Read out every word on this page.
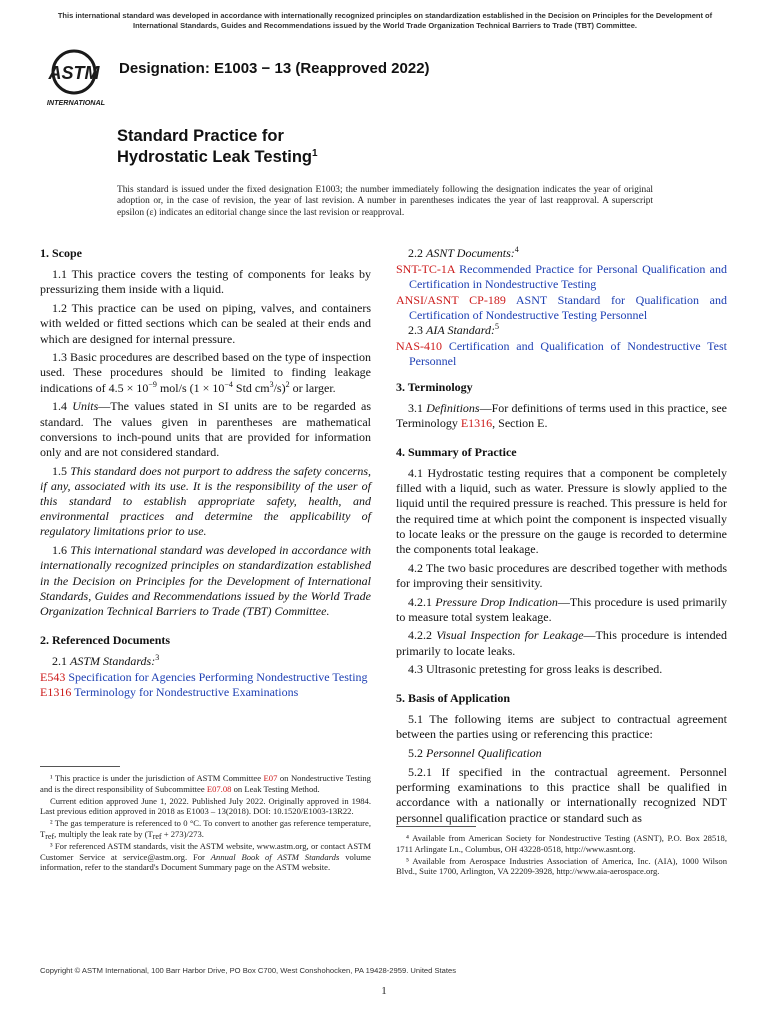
This international standard was developed in accordance with internationally recognized principles on standardization established in the Decision on Principles for the Development of International Standards, Guides and Recommendations issued by the World Trade Organization Technical Barriers to Trade (TBT) Committee.
ASTM
INTERNATIONAL
Designation: E1003 − 13 (Reapproved 2022)
Standard Practice for
Hydrostatic Leak Testing$^1$
This standard is issued under the fixed designation E1003; the number immediately following the designation indicates the year of original adoption or, in the case of revision, the year of last revision. A number in parentheses indicates the year of last reapproval. A superscript epsilon (ε) indicates an editorial change since the last revision or reapproval.
1. Scope

1.1 This practice covers the testing of components for leaks by pressurizing them inside with a liquid.

1.2 This practice can be used on piping, valves, and containers with welded or fitted sections which can be sealed at their ends and which are designed for internal pressure.

1.3 Basic procedures are described based on the type of inspection used. These procedures should be limited to finding leakage indications of $4.5 \times 10^{-9}$ mol/s ($1 \times 10^{-4}$ Std $cm^3/s)^2$ or larger.

1.4 Units—The values stated in SI units are to be regarded as standard. The values given in parentheses are mathematical conversions to inch-pound units that are provided for information only and are not considered standard.

1.5 This standard does not purport to address the safety concerns, if any, associated with its use. It is the responsibility of the user of this standard to establish appropriate safety, health, and environmental practices and determine the applicability of regulatory limitations prior to use.

1.6 This international standard was developed in accordance with internationally recognized principles on standardization established in the Decision on Principles for the Development of International Standards, Guides and Recommendations issued by the World Trade Organization Technical Barriers to Trade (TBT) Committee.

2. Referenced Documents

2.1 ASTM Standards:$^3$

E543 Specification for Agencies Performing Nondestructive Testing

E1316 Terminology for Nondestructive Examinations

2.2 ASNT Documents:$^4$

SNT-TC-1A Recommended Practice for Personal Qualification and Certification in Nondestructive Testing

ANSI/ASNT CP-189 ASNT Standard for Qualification and Certification of Nondestructive Testing Personnel

2.3 AIA Standard:$^5$

NAS-410 Certification and Qualification of Nondestructive Test Personnel

3. Terminology

3.1 Definitions—For definitions of terms used in this practice, see Terminology E1316, Section E.

4. Summary of Practice

4.1 Hydrostatic testing requires that a component be completely filled with a liquid, such as water. Pressure is slowly applied to the liquid until the required pressure is reached. This pressure is held for the required time at which point the component is inspected visually to locate leaks or the pressure on the gauge is recorded to determine the components total leakage.

4.2 The two basic procedures are described together with methods for improving their sensitivity.

4.2.1 Pressure Drop Indication—This procedure is used primarily to measure total system leakage.

4.2.2 Visual Inspection for Leakage—This procedure is intended primarily to locate leaks.

4.3 Ultrasonic pretesting for gross leaks is described.

5. Basis of Application

5.1 The following items are subject to contractual agreement between the parties using or referencing this practice:

5.2 Personnel Qualification

5.2.1 If specified in the contractual agreement. Personnel performing examinations to this practice shall be qualified in accordance with a nationally or internationally recognized NDT personnel qualification practice or standard such as

¹ This practice is under the jurisdiction of ASTM Committee E07 on Nondestructive Testing and is the direct responsibility of Subcommittee E07.08 on Leak Testing Method.

Current edition approved June 1, 2022. Published July 2022. Originally approved in 1984. Last previous edition approved in 2018 as E1003 – 13(2018). DOI: 10.1520/E1003-13R22.

² The gas temperature is referenced to 0 °C. To convert to another gas reference temperature, $T_{ref}$, multiply the leak rate by $(T_{ref} + 273)/273$.

³ For referenced ASTM standards, visit the ASTM website, www.astm.org, or contact ASTM Customer Service at service@astm.org. For Annual Book of ASTM Standards volume information, refer to the standard's Document Summary page on the ASTM website.

⁴ Available from American Society for Nondestructive Testing (ASNT), P.O. Box 28518, 1711 Arlingate Ln., Columbus, OH 43228-0518, http://www.asnt.org.

⁵ Available from Aerospace Industries Association of America, Inc. (AIA), 1000 Wilson Blvd., Suite 1700, Arlington, VA 22209-3928, http://www.aia-aerospace.org.

Copyright © ASTM International, 100 Barr Harbor Drive, PO Box C700, West Conshohocken, PA 19428-2959. United States
1
